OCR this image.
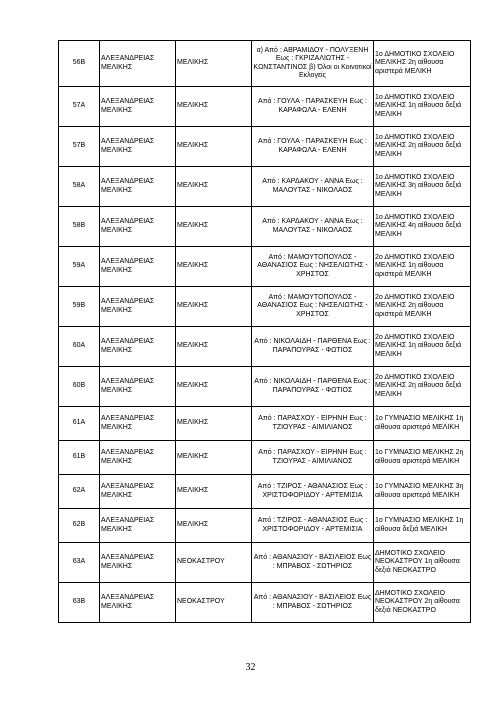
56B	ΑΛΕΞΑΝΔΡΕΙΑΣ ΜΕΛΙΚΗΣ	ΜΕΛΙΚΗΣ	α) Από : ΑΒΡΑΜΙΔΟΥ - ΠΟΛΥΞΕΝΗ Εως : ΓΚΡΙΖΑΛΙΩΤΗΣ - ΚΩΝΣΤΑΝΤΙΝΟΣ β) Όλοι οι Κοινοτικοί Εκλογείς	1ο ΔΗΜΟΤΙΚΟ ΣΧΟΛΕΙΟ ΜΕΛΙΚΗΣ 2η αίθουσα αριστερά ΜΕΛΙΚΗ
57A	ΑΛΕΞΑΝΔΡΕΙΑΣ ΜΕΛΙΚΗΣ	ΜΕΛΙΚΗΣ	Από : ΓΟΥΛΑ - ΠΑΡΑΣΚΕΥΗ Εως : ΚΑΡΑΦΩΛΑ - ΕΛΕΝΗ	1ο ΔΗΜΟΤΙΚΟ ΣΧΟΛΕΙΟ ΜΕΛΙΚΗΣ 1η αίθουσα δεξιά ΜΕΛΙΚΗ
57B	ΑΛΕΞΑΝΔΡΕΙΑΣ ΜΕΛΙΚΗΣ	ΜΕΛΙΚΗΣ	Από : ΓΟΥΛΑ - ΠΑΡΑΣΚΕΥΗ Εως : ΚΑΡΑΦΩΛΑ - ΕΛΕΝΗ	1ο ΔΗΜΟΤΙΚΟ ΣΧΟΛΕΙΟ ΜΕΛΙΚΗΣ 2η αίθουσα δεξιά ΜΕΛΙΚΗ
58A	ΑΛΕΞΑΝΔΡΕΙΑΣ ΜΕΛΙΚΗΣ	ΜΕΛΙΚΗΣ	Από : ΚΑΡΔΑΚΟΥ - ΑΝΝΑ Εως : ΜΑΛΟΥΤΑΣ - ΝΙΚΟΛΑΟΣ	1ο ΔΗΜΟΤΙΚΟ ΣΧΟΛΕΙΟ ΜΕΛΙΚΗΣ 3η αίθουσα δεξιά ΜΕΛΙΚΗ
58B	ΑΛΕΞΑΝΔΡΕΙΑΣ ΜΕΛΙΚΗΣ	ΜΕΛΙΚΗΣ	Από : ΚΑΡΔΑΚΟΥ - ΑΝΝΑ Εως : ΜΑΛΟΥΤΑΣ - ΝΙΚΟΛΑΟΣ	1ο ΔΗΜΟΤΙΚΟ ΣΧΟΛΕΙΟ ΜΕΛΙΚΗΣ 4η αίθουσα δεξιά ΜΕΛΙΚΗ
59A	ΑΛΕΞΑΝΔΡΕΙΑΣ ΜΕΛΙΚΗΣ	ΜΕΛΙΚΗΣ	Από : ΜΑΜΟΥΤΟΠΟΥΛΟΣ - ΑΘΑΝΑΣΙΟΣ Εως : ΝΗΣΕΛΙΩΤΗΣ - ΧΡΗΣΤΟΣ	2ο ΔΗΜΟΤΙΚΟ ΣΧΟΛΕΙΟ ΜΕΛΙΚΗΣ 1η αίθουσα αριστερά ΜΕΛΙΚΗ
59B	ΑΛΕΞΑΝΔΡΕΙΑΣ ΜΕΛΙΚΗΣ	ΜΕΛΙΚΗΣ	Από : ΜΑΜΟΥΤΟΠΟΥΛΟΣ - ΑΘΑΝΑΣΙΟΣ Εως : ΝΗΣΕΛΙΩΤΗΣ - ΧΡΗΣΤΟΣ	2ο ΔΗΜΟΤΙΚΟ ΣΧΟΛΕΙΟ ΜΕΛΙΚΗΣ 2η αίθουσα αριστερά ΜΕΛΙΚΗ
60A	ΑΛΕΞΑΝΔΡΕΙΑΣ ΜΕΛΙΚΗΣ	ΜΕΛΙΚΗΣ	Από : ΝΙΚΟΛΑΙΔΗ - ΠΑΡΘΕΝΑ Εως : ΠΑΡΑΠΟΥΡΑΣ - ΦΩΤΙΟΣ	2ο ΔΗΜΟΤΙΚΟ ΣΧΟΛΕΙΟ ΜΕΛΙΚΗΣ 1η αίθουσα δεξιά ΜΕΛΙΚΗ
60B	ΑΛΕΞΑΝΔΡΕΙΑΣ ΜΕΛΙΚΗΣ	ΜΕΛΙΚΗΣ	Από : ΝΙΚΟΛΑΙΔΗ - ΠΑΡΘΕΝΑ Εως : ΠΑΡΑΠΟΥΡΑΣ - ΦΩΤΙΟΣ	2ο ΔΗΜΟΤΙΚΟ ΣΧΟΛΕΙΟ ΜΕΛΙΚΗΣ 2η αίθουσα δεξιά ΜΕΛΙΚΗ
61A	ΑΛΕΞΑΝΔΡΕΙΑΣ ΜΕΛΙΚΗΣ	ΜΕΛΙΚΗΣ	Από : ΠΑΡΑΣΧΟΥ - ΕΙΡΗΝΗ Εως : ΤΖΙΟΥΡΑΣ - ΑΙΜΙΛΙΑΝΟΣ	1ο ΓΥΜΝΑΣΙΟ ΜΕΛΙΚΗΣ 1η αίθουσα αριστερά ΜΕΛΙΚΗ
61B	ΑΛΕΞΑΝΔΡΕΙΑΣ ΜΕΛΙΚΗΣ	ΜΕΛΙΚΗΣ	Από : ΠΑΡΑΣΧΟΥ - ΕΙΡΗΝΗ Εως : ΤΖΙΟΥΡΑΣ - ΑΙΜΙΛΙΑΝΟΣ	1ο ΓΥΜΝΑΣΙΟ ΜΕΛΙΚΗΣ 2η αίθουσα αριστερά ΜΕΛΙΚΗ
62A	ΑΛΕΞΑΝΔΡΕΙΑΣ ΜΕΛΙΚΗΣ	ΜΕΛΙΚΗΣ	Από : ΤΖΙΡΟΣ - ΑΘΑΝΑΣΙΟΣ Εως : ΧΡΙΣΤΟΦΟΡΙΔΟΥ - ΑΡΤΕΜΙΣΙΑ	1ο ΓΥΜΝΑΣΙΟ ΜΕΛΙΚΗΣ 3η αίθουσα αριστερά ΜΕΛΙΚΗ
62B	ΑΛΕΞΑΝΔΡΕΙΑΣ ΜΕΛΙΚΗΣ	ΜΕΛΙΚΗΣ	Από : ΤΖΙΡΟΣ - ΑΘΑΝΑΣΙΟΣ Εως : ΧΡΙΣΤΟΦΟΡΙΔΟΥ - ΑΡΤΕΜΙΣΙΑ	1ο ΓΥΜΝΑΣΙΟ ΜΕΛΙΚΗΣ 1η αίθουσα δεξιά ΜΕΛΙΚΗ
63A	ΑΛΕΞΑΝΔΡΕΙΑΣ ΜΕΛΙΚΗΣ	ΝΕΟΚΑΣΤΡΟΥ	Από : ΑΘΑΝΑΣΙΟΥ - ΒΑΣΙΛΕΙΟΣ Εως : ΜΠΡΑΒΟΣ - ΣΩΤΗΡΙΟΣ	ΔΗΜΟΤΙΚΟ ΣΧΟΛΕΙΟ ΝΕΟΚΑΣΤΡΟΥ 1η αίθουσα δεξιά ΝΕΟΚΑΣΤΡΟ
63B	ΑΛΕΞΑΝΔΡΕΙΑΣ ΜΕΛΙΚΗΣ	ΝΕΟΚΑΣΤΡΟΥ	Από : ΑΘΑΝΑΣΙΟΥ - ΒΑΣΙΛΕΙΟΣ Εως : ΜΠΡΑΒΟΣ - ΣΩΤΗΡΙΟΣ	ΔΗΜΟΤΙΚΟ ΣΧΟΛΕΙΟ ΝΕΟΚΑΣΤΡΟΥ 2η αίθουσα δεξιά ΝΕΟΚΑΣΤΡΟ
32
